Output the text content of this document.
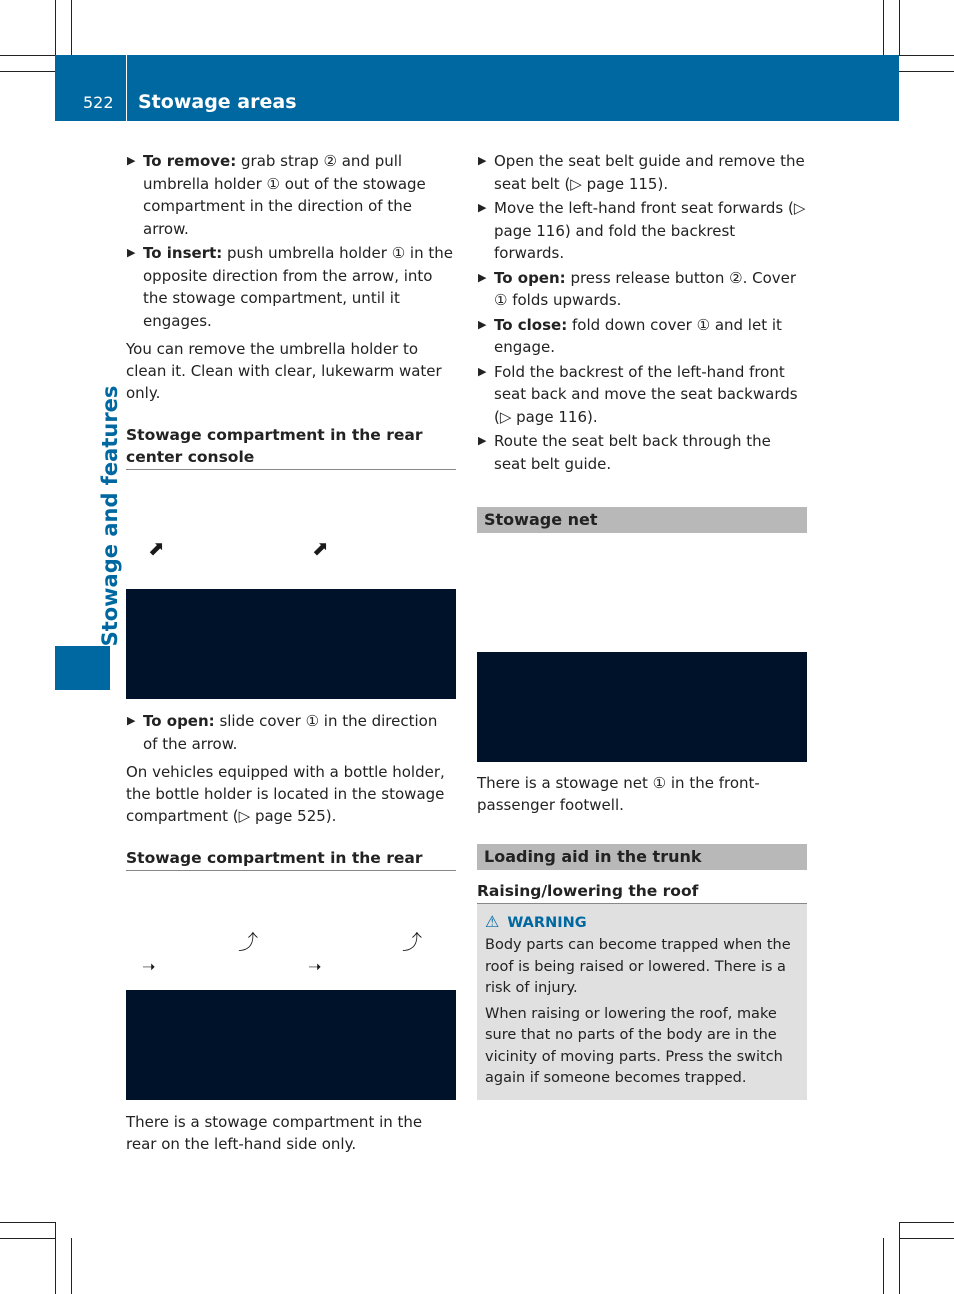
522 Stowage areas
Stowage and features
▶ To remove: grab strap ② and pull umbrella holder ① out of the stowage compartment in the direction of the arrow.
▶ To insert: push umbrella holder ① in the opposite direction from the arrow, into the stowage compartment, until it engages.

You can remove the umbrella holder to clean it. Clean with clear, lukewarm water only.

Stowage compartment in the rear center console
⬈	⬈
▶ To open: slide cover ① in the direction of the arrow.

On vehicles equipped with a bottle holder, the bottle holder is located in the stowage compartment (▷ page 525).

Stowage compartment in the rear
⤴	⤴
➝	➝

There is a stowage compartment in the rear on the left-hand side only.

▶ Open the seat belt guide and remove the seat belt (▷ page 115).
▶ Move the left-hand front seat forwards (▷ page 116) and fold the backrest forwards.
▶ To open: press release button ②. Cover ① folds upwards.
▶ To close: fold down cover ① and let it engage.
▶ Fold the backrest of the left-hand front seat back and move the seat backwards (▷ page 116).
▶ Route the seat belt back through the seat belt guide.
Stowage net

There is a stowage net ① in the front-passenger footwell.

Loading aid in the trunk
Raising/lowering the roof
⚠ WARNING

Body parts can become trapped when the roof is being raised or lowered. There is a risk of injury.

When raising or lowering the roof, make sure that no parts of the body are in the vicinity of moving parts. Press the switch again if someone becomes trapped.
